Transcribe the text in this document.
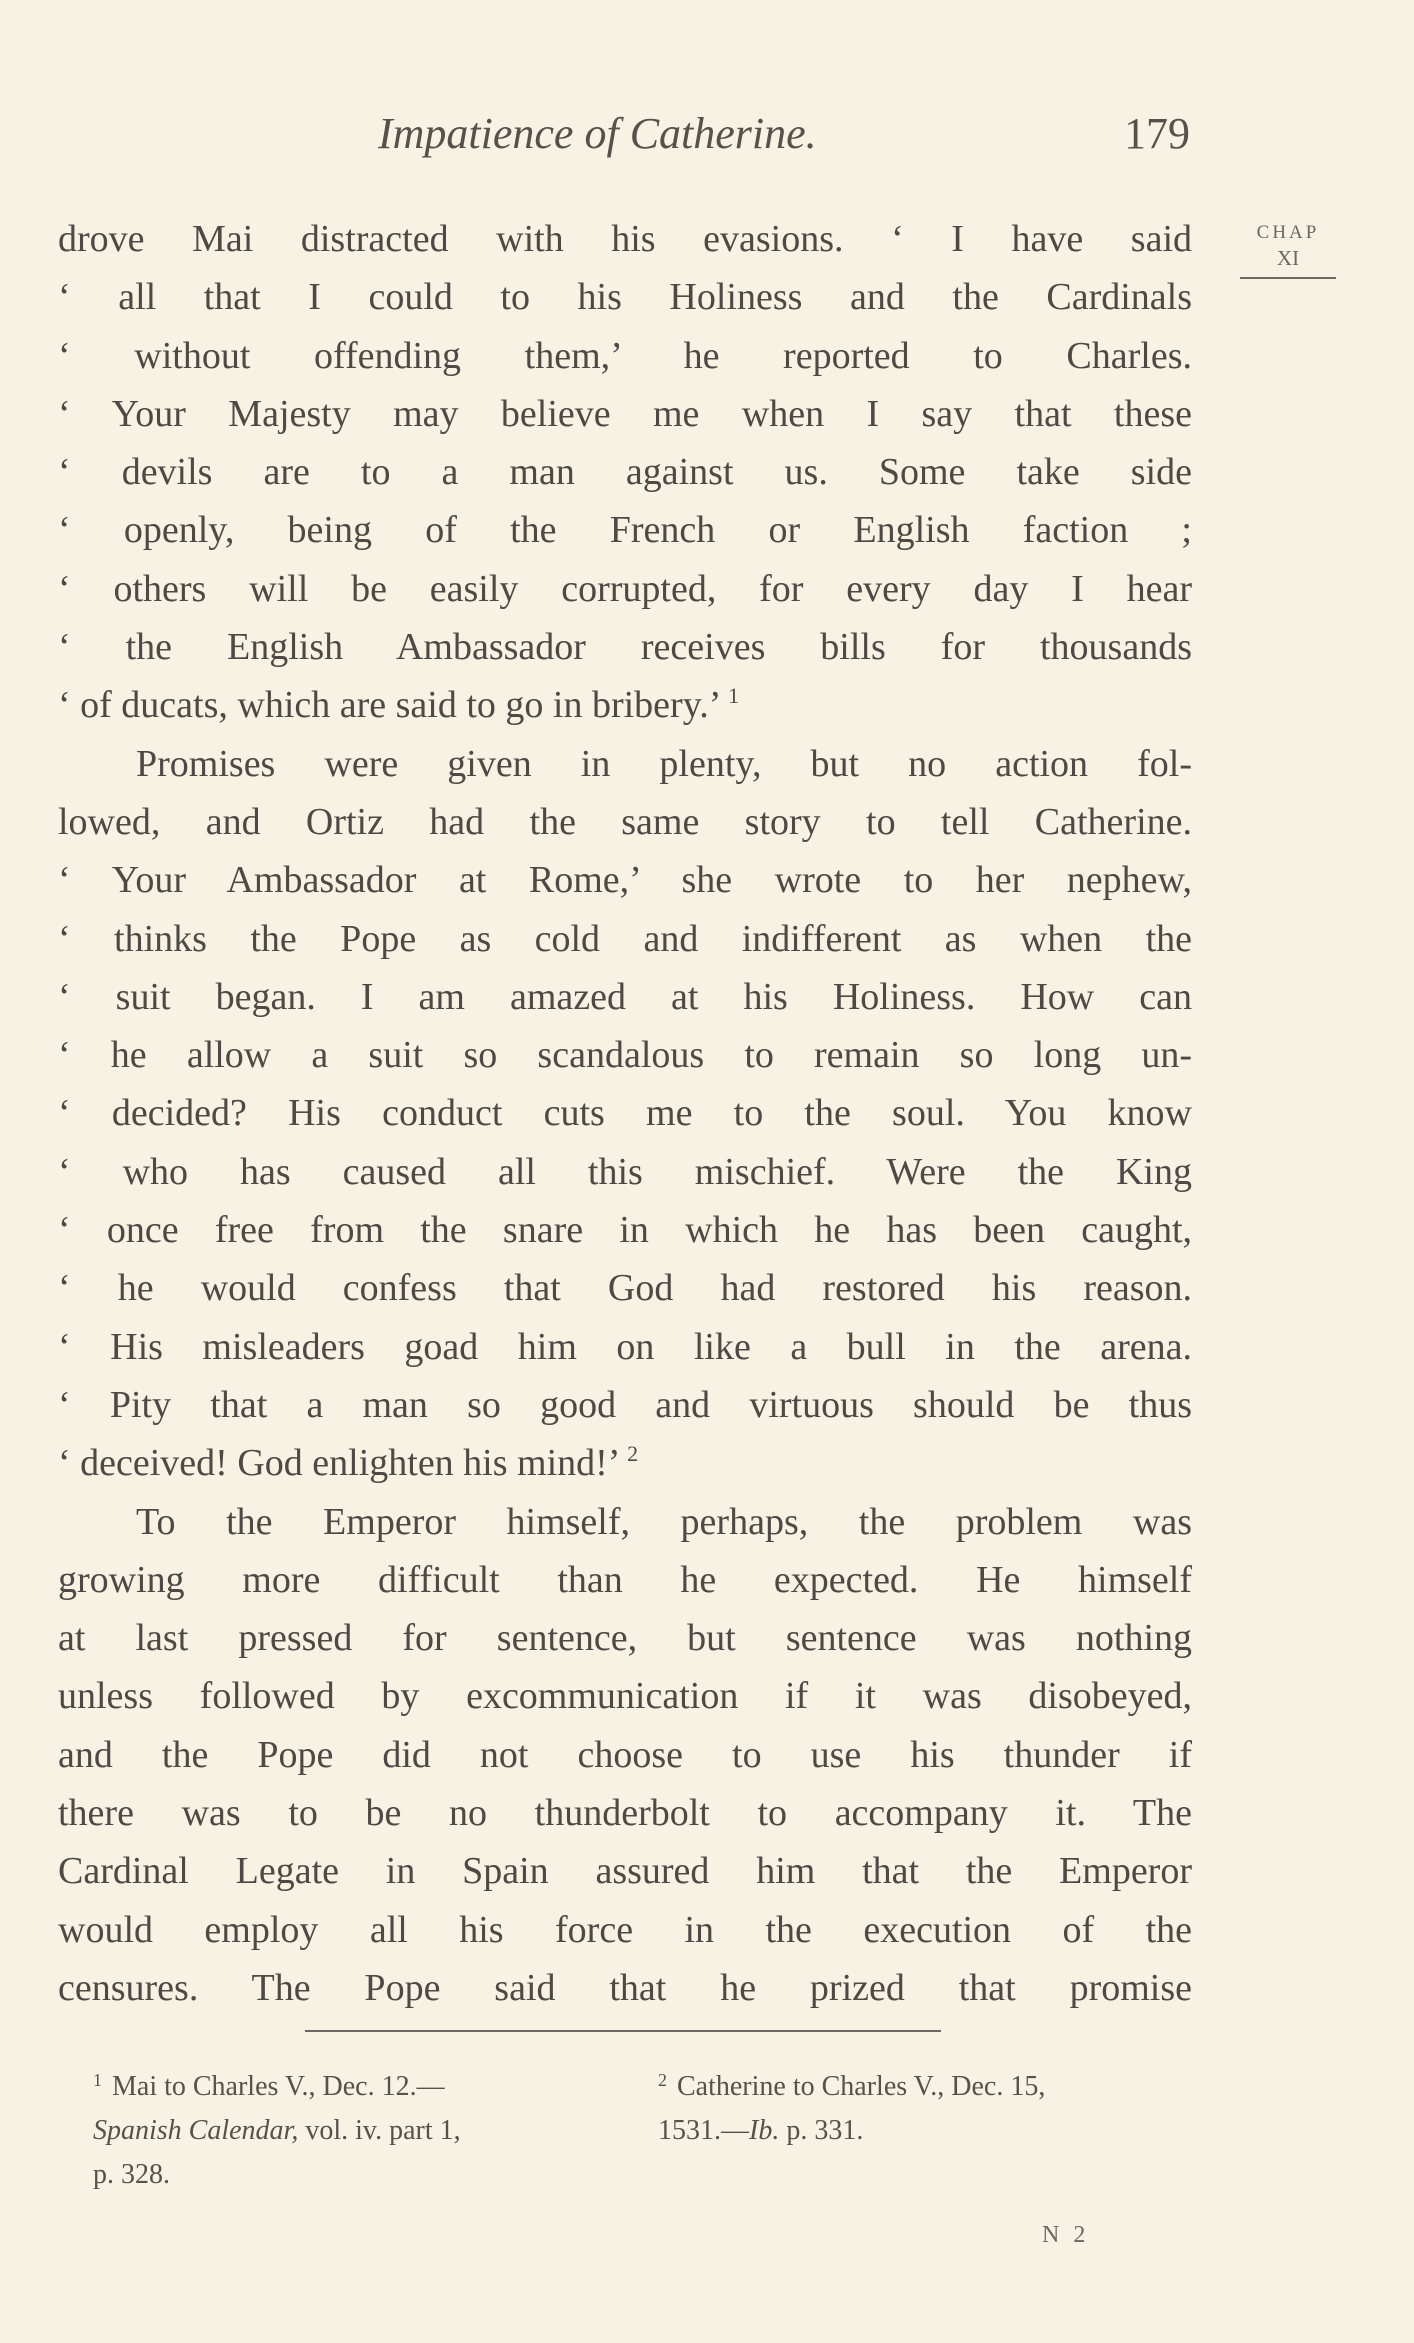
Impatience of Catherine.	179
CHAP
XI
drove Mai distracted with his evasions. ‘ I have said
‘ all that I could to his Holiness and the Cardinals
‘ without offending them,’ he reported to Charles.
‘ Your Majesty may believe me when I say that these
‘ devils are to a man against us. Some take side
‘ openly, being of the French or English faction ;
‘ others will be easily corrupted, for every day I hear
‘ the English Ambassador receives bills for thousands
‘ of ducats, which are said to go in bribery.’ $^1$
Promises were given in plenty, but no action fol-
lowed, and Ortiz had the same story to tell Catherine.
‘ Your Ambassador at Rome,’ she wrote to her nephew,
‘ thinks the Pope as cold and indifferent as when the
‘ suit began. I am amazed at his Holiness. How can
‘ he allow a suit so scandalous to remain so long un-
‘ decided? His conduct cuts me to the soul. You know
‘ who has caused all this mischief. Were the King
‘ once free from the snare in which he has been caught,
‘ he would confess that God had restored his reason.
‘ His misleaders goad him on like a bull in the arena.
‘ Pity that a man so good and virtuous should be thus
‘ deceived! God enlighten his mind!’ $^2$
To the Emperor himself, perhaps, the problem was
growing more difficult than he expected. He himself
at last pressed for sentence, but sentence was nothing
unless followed by excommunication if it was disobeyed,
and the Pope did not choose to use his thunder if
there was to be no thunderbolt to accompany it. The
Cardinal Legate in Spain assured him that the Emperor
would employ all his force in the execution of the
censures. The Pope said that he prized that promise
$^1$ Mai to Charles V., Dec. 12.—
Spanish Calendar, vol. iv. part 1,
p. 328.
$^2$ Catherine to Charles V., Dec. 15,
1531.—Ib. p. 331.
N 2
